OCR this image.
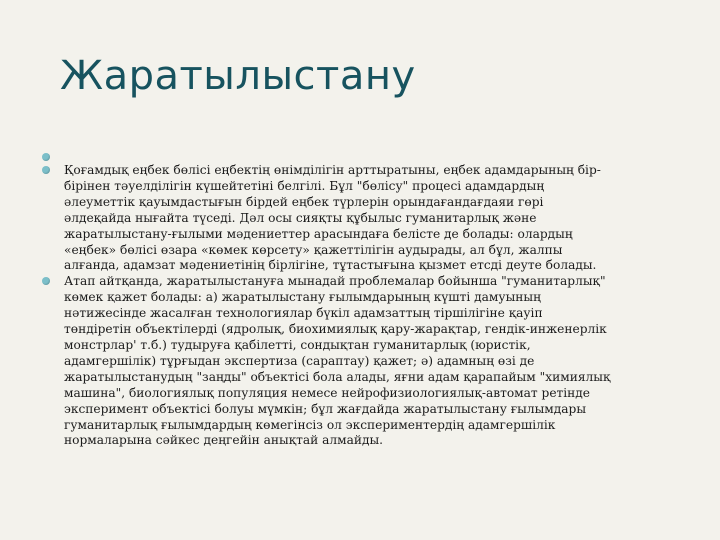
Жаратылыстану
Қоғамдық еңбек бөлісі еңбектің өнімділігін арттыратыны, еңбек адамдарының бір-
бірінен тәуелділігін күшейтетіні белгілі. Бұл "бөлісу" процесі адамдардың
әлеуметтік қауымдастығын бірдей еңбек түрлерін орындағандағдаяи гөрі
әлдеқайда нығайта түседі. Дәл осы сияқты құбылыс гуманитарлық және
жаратылыстану-ғылыми мәдениеттер арасындаға белісте де болады: олардың
«еңбек» бөлісі өзара «көмек көрсету» қажеттілігін аудырады, ал бұл, жалпы
алғанда, адамзат мәдениетінің бірлігіне, тұтастығына қызмет етсді деуте болады.
Атап айтқанда, жаратылыстануға мынадай проблемалар бойынша "гуманитарлық"
көмек қажет болады: а) жаратылыстану ғылымдарының күшті дамуының
нәтижесінде жасалған технологиялар бүкіл адамзаттың тіршілігіне қауіп
төндіретін объектілерді (ядролық, биохимиялық қару-жарақтар, гендік-инженерлік
монстрлар' т.б.) тудыруға қабілетті, сондықтан гуманитарлық (юристік,
адамгершілік) тұрғыдан экспертиза (сараптау) қажет; ә) адамның өзі де
жаратылыстанудың "заңды" объектісі бола алады, яғни адам қарапайым "химиялық
машина", биологиялық популяция немесе нейрофизиологиялық-автомат ретінде
эксперимент объектісі болуы мүмкін; бұл жағдайда жаратылыстану ғылымдары
гуманитарлық ғылымдардың көмегінсіз ол экспериментердің адамгершілік
нормаларына сәйкес деңгейін анықтай алмайды.
